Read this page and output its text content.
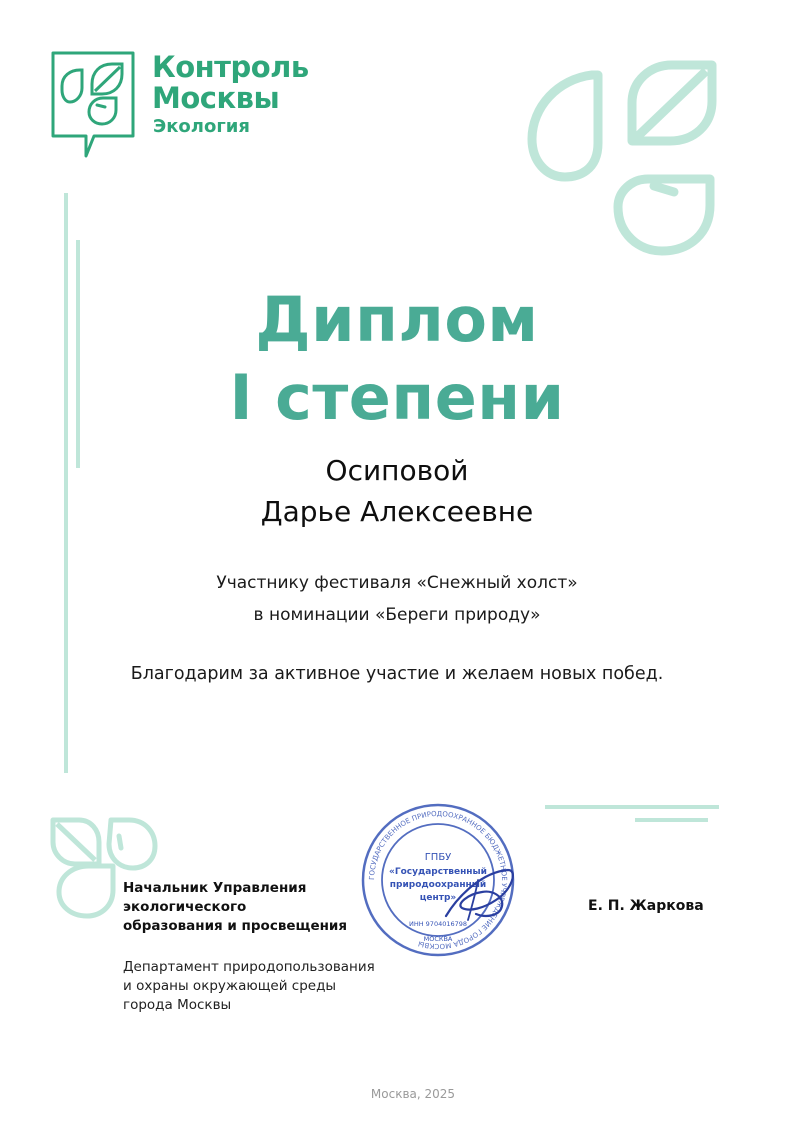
Контроль
Москвы
Экология
Диплом
I степени
Осиповой
Дарье Алексеевне
Участнику фестиваля «Снежный холст»
в номинации «Береги природу»
Благодарим за активное участие и желаем новых побед.
Начальник Управления
экологического
образования и просвещения
Департамент природопользования
и охраны окружающей среды
города Москвы
Е. П. Жаркова
ГОСУДАРСТВЕННОЕ ПРИРОДООХРАННОЕ БЮДЖЕТНОЕ УЧРЕЖДЕНИЕ ГОРОДА МОСКВЫ
ГПБУ
«Государственный
природоохранный
центр»
ИНН 9704016798
МОСКВА
Москва, 2025
